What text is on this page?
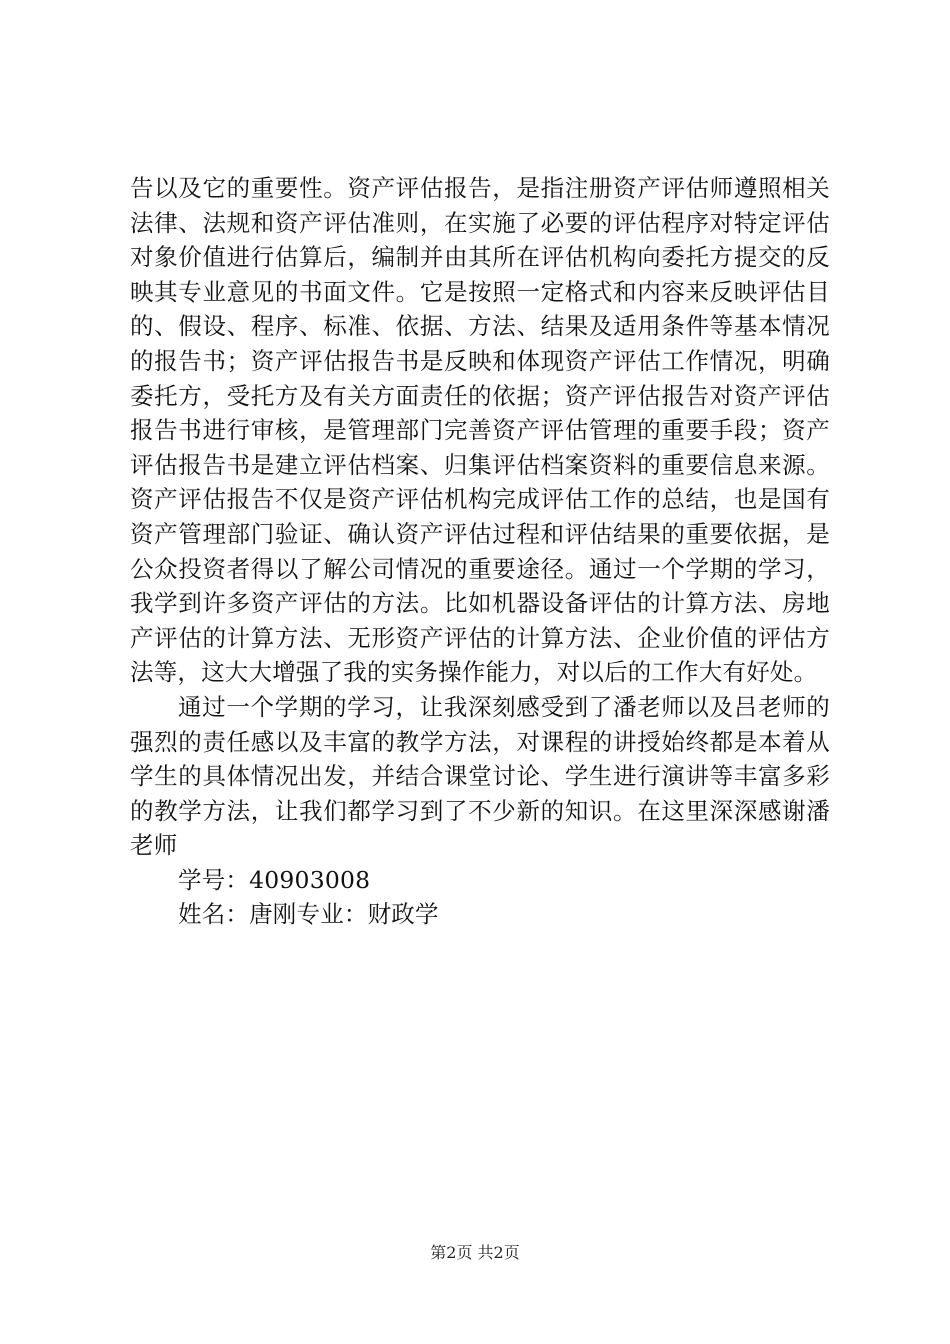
告以及它的重要性。资产评估报告，是指注册资产评估师遵照相关法律、法规和资产评估准则，在实施了必要的评估程序对特定评估对象价值进行估算后，编制并由其所在评估机构向委托方提交的反映其专业意见的书面文件。它是按照一定格式和内容来反映评估目的、假设、程序、标准、依据、方法、结果及适用条件等基本情况的报告书；资产评估报告书是反映和体现资产评估工作情况，明确委托方，受托方及有关方面责任的依据；资产评估报告对资产评估报告书进行审核，是管理部门完善资产评估管理的重要手段；资产评估报告书是建立评估档案、归集评估档案资料的重要信息来源。资产评估报告不仅是资产评估机构完成评估工作的总结，也是国有资产管理部门验证、确认资产评估过程和评估结果的重要依据，是公众投资者得以了解公司情况的重要途径。通过一个学期的学习，我学到许多资产评估的方法。比如机器设备评估的计算方法、房地产评估的计算方法、无形资产评估的计算方法、企业价值的评估方法等，这大大增强了我的实务操作能力，对以后的工作大有好处。

通过一个学期的学习，让我深刻感受到了潘老师以及吕老师的强烈的责任感以及丰富的教学方法，对课程的讲授始终都是本着从学生的具体情况出发，并结合课堂讨论、学生进行演讲等丰富多彩的教学方法，让我们都学习到了不少新的知识。在这里深深感谢潘老师

学号：40903008

姓名：唐刚专业：财政学

第2页 共2页
